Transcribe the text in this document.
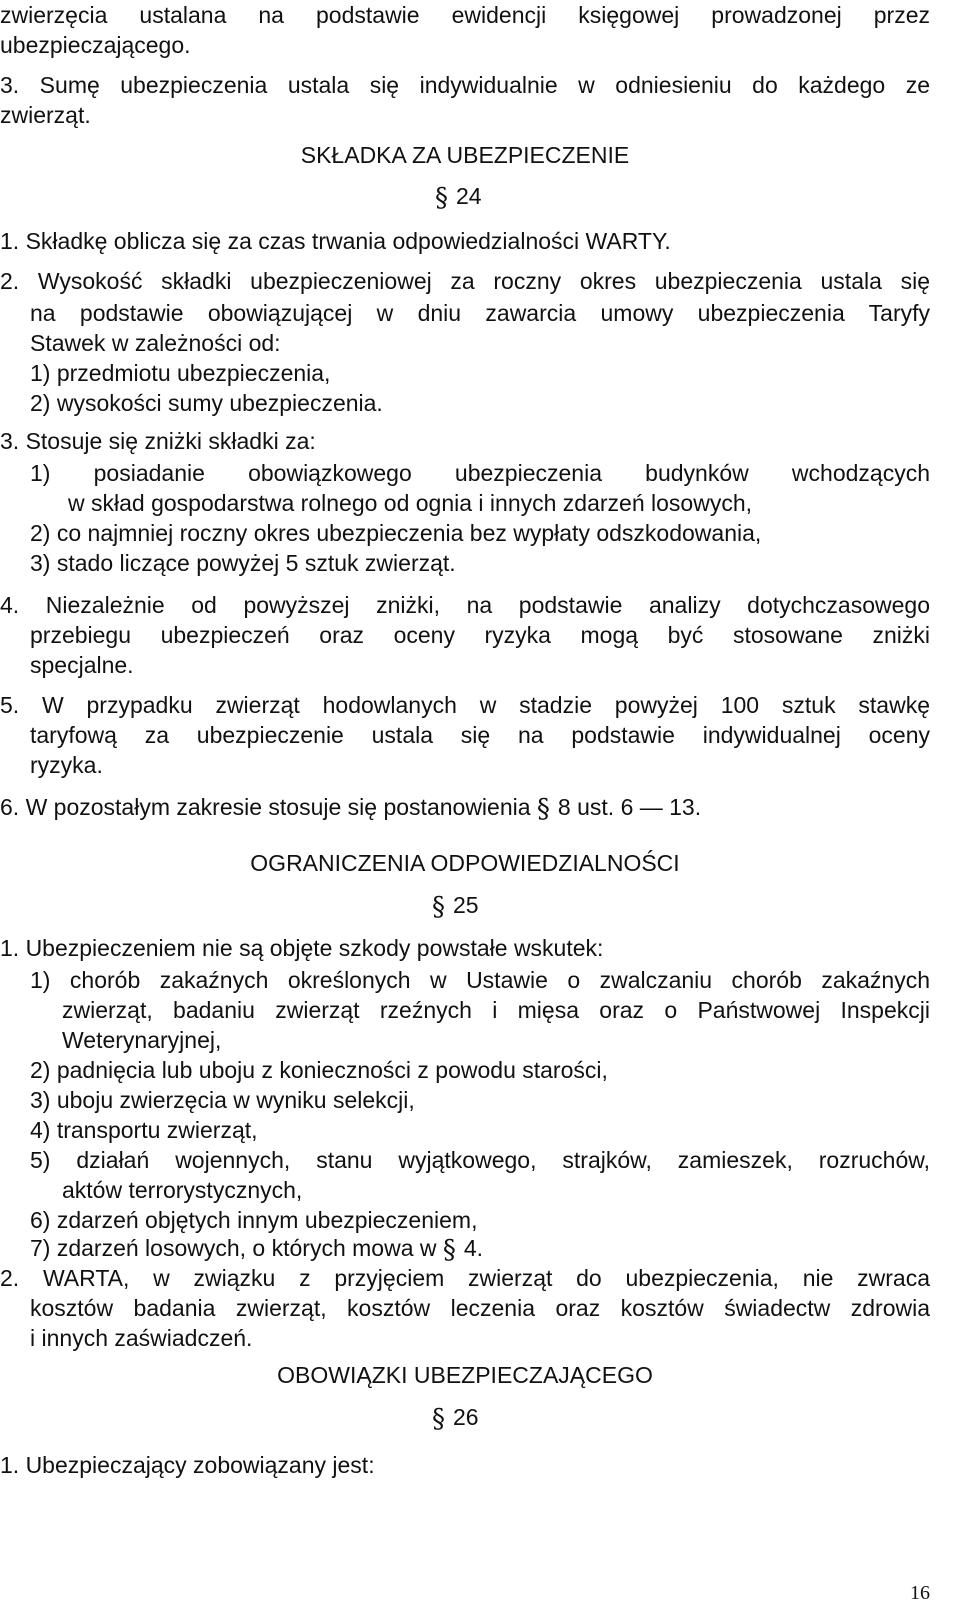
SKŁADKA ZA UBEZPIECZENIE
OGRANICZENIA ODPOWIEDZIALNOŚCI
OBOWIĄZKI UBEZPIECZAJĄCEGO
§ 24
§ 25
§ 26
6. W pozostałym zakresie stosuje się postanowienia § 8 ust. 6 — 13.
7) zdarzeń losowych, o których mowa w § 4.
16
zwierzęcia ustalana na podstawie ewidencji księgowej prowadzonej przez
ubezpieczającego.
3. Sumę ubezpieczenia ustala się indywidualnie w odniesieniu do każdego ze
zwierząt.
1. Składkę oblicza się za czas trwania odpowiedzialności WARTY.
2. Wysokość składki ubezpieczeniowej za roczny okres ubezpieczenia ustala się
na podstawie obowiązującej w dniu zawarcia umowy ubezpieczenia Taryfy
Stawek w zależności od:
1) przedmiotu ubezpieczenia,
2) wysokości sumy ubezpieczenia.
3. Stosuje się zniżki składki za:
1) posiadanie obowiązkowego ubezpieczenia budynków wchodzących
w skład gospodarstwa rolnego od ognia i innych zdarzeń losowych,
2) co najmniej roczny okres ubezpieczenia bez wypłaty odszkodowania,
3) stado liczące powyżej 5 sztuk zwierząt.
4. Niezależnie od powyższej zniżki, na podstawie analizy dotychczasowego
przebiegu ubezpieczeń oraz oceny ryzyka mogą być stosowane zniżki
specjalne.
5. W przypadku zwierząt hodowlanych w stadzie powyżej 100 sztuk stawkę
taryfową za ubezpieczenie ustala się na podstawie indywidualnej oceny
ryzyka.
1. Ubezpieczeniem nie są objęte szkody powstałe wskutek:
1) chorób zakaźnych określonych w Ustawie o zwalczaniu chorób zakaźnych
zwierząt, badaniu zwierząt rzeźnych i mięsa oraz o Państwowej Inspekcji
Weterynaryjnej,
2) padnięcia lub uboju z konieczności z powodu starości,
3) uboju zwierzęcia w wyniku selekcji,
4) transportu zwierząt,
5) działań wojennych, stanu wyjątkowego, strajków, zamieszek, rozruchów,
aktów terrorystycznych,
6) zdarzeń objętych innym ubezpieczeniem,
2. WARTA, w związku z przyjęciem zwierząt do ubezpieczenia, nie zwraca
kosztów badania zwierząt, kosztów leczenia oraz kosztów świadectw zdrowia
i innych zaświadczeń.
1. Ubezpieczający zobowiązany jest:
